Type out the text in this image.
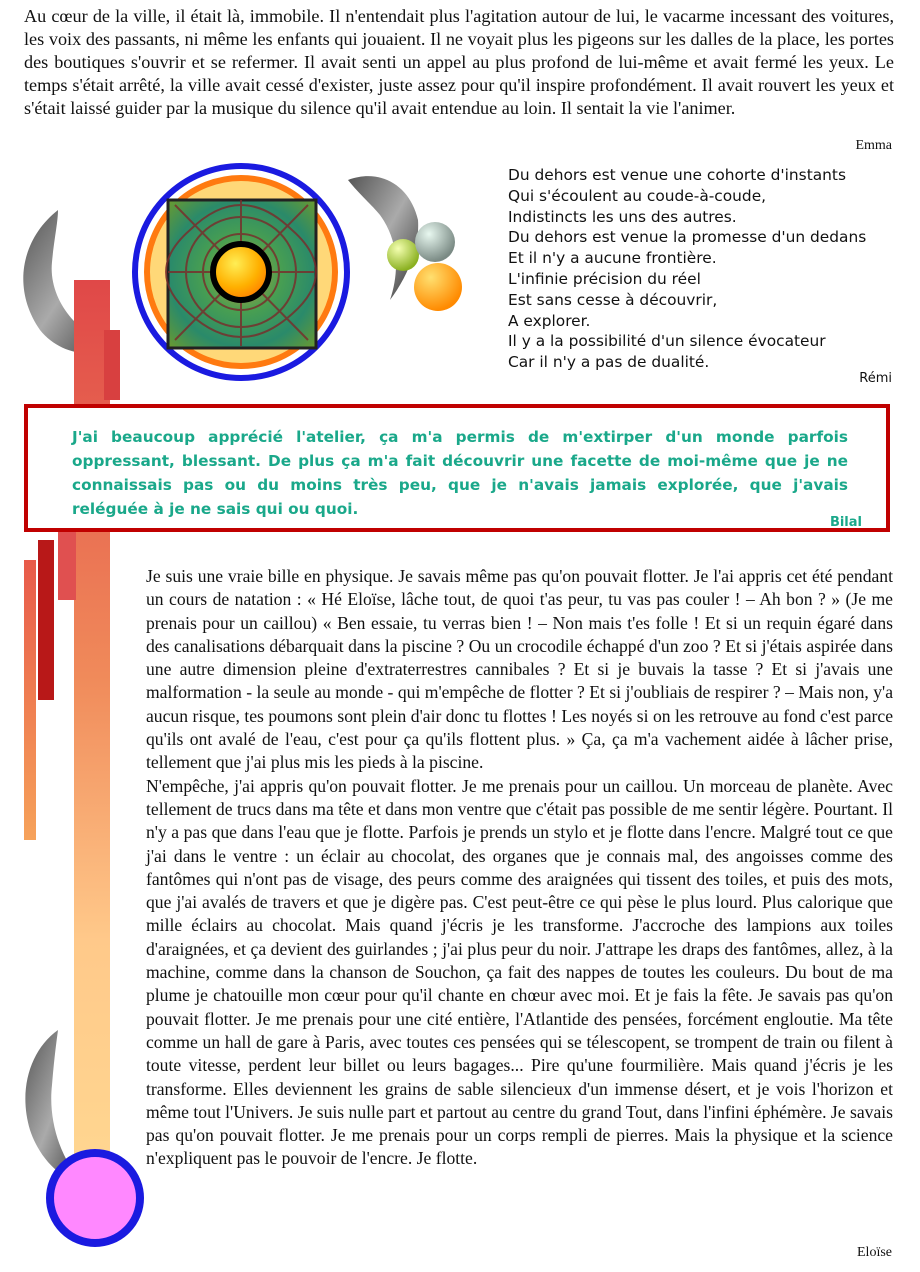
Au cœur de la ville, il était là, immobile. Il n'entendait plus l'agitation autour de lui, le vacarme incessant des voitures, les voix des passants, ni même les enfants qui jouaient. Il ne voyait plus les pigeons sur les dalles de la place, les portes des boutiques s'ouvrir et se refermer. Il avait senti un appel au plus profond de lui-même et avait fermé les yeux. Le temps s'était arrêté, la ville avait cessé d'exister, juste assez pour qu'il inspire profondément. Il avait rouvert les yeux et s'était laissé guider par la musique du silence qu'il avait entendue au loin. Il sentait la vie l'animer.

Emma
Du dehors est venue une cohorte d'instants
Qui s'écoulent au coude-à-coude,
Indistincts les uns des autres.
Du dehors est venue la promesse d'un dedans
Et il n'y a aucune frontière.
L'infinie précision du réel
Est sans cesse à découvrir,
A explorer.
Il y a la possibilité d'un silence évocateur
Car il n'y a pas de dualité.
Rémi

J'ai beaucoup apprécié l'atelier, ça m'a permis de m'extirper d'un monde parfois oppressant, blessant. De plus ça m'a fait découvrir une facette de moi-même que je ne connaissais pas ou du moins très peu, que je n'avais jamais explorée, que j'avais reléguée à je ne sais qui ou quoi.

Bilal

Je suis une vraie bille en physique. Je savais même pas qu'on pouvait flotter. Je l'ai appris cet été pendant un cours de natation : « Hé Eloïse, lâche tout, de quoi t'as peur, tu vas pas couler ! – Ah bon ? » (Je me prenais pour un caillou) « Ben essaie, tu verras bien ! – Non mais t'es folle ! Et si un requin égaré dans des canalisations débarquait dans la piscine ? Ou un crocodile échappé d'un zoo ? Et si j'étais aspirée dans une autre dimension pleine d'extraterrestres cannibales ? Et si je buvais la tasse ? Et si j'avais une malformation - la seule au monde - qui m'empêche de flotter ? Et si j'oubliais de respirer ? – Mais non, y'a aucun risque, tes poumons sont plein d'air donc tu flottes ! Les noyés si on les retrouve au fond c'est parce qu'ils ont avalé de l'eau, c'est pour ça qu'ils flottent plus. » Ça, ça m'a vachement aidée à lâcher prise, tellement que j'ai plus mis les pieds à la piscine.

N'empêche, j'ai appris qu'on pouvait flotter. Je me prenais pour un caillou. Un morceau de planète. Avec tellement de trucs dans ma tête et dans mon ventre que c'était pas possible de me sentir légère. Pourtant. Il n'y a pas que dans l'eau que je flotte. Parfois je prends un stylo et je flotte dans l'encre. Malgré tout ce que j'ai dans le ventre : un éclair au chocolat, des organes que je connais mal, des angoisses comme des fantômes qui n'ont pas de visage, des peurs comme des araignées qui tissent des toiles, et puis des mots, que j'ai avalés de travers et que je digère pas. C'est peut-être ce qui pèse le plus lourd. Plus calorique que mille éclairs au chocolat. Mais quand j'écris je les transforme. J'accroche des lampions aux toiles d'araignées, et ça devient des guirlandes ; j'ai plus peur du noir. J'attrape les draps des fantômes, allez, à la machine, comme dans la chanson de Souchon, ça fait des nappes de toutes les couleurs. Du bout de ma plume je chatouille mon cœur pour qu'il chante en chœur avec moi. Et je fais la fête. Je savais pas qu'on pouvait flotter. Je me prenais pour une cité entière, l'Atlantide des pensées, forcément engloutie. Ma tête comme un hall de gare à Paris, avec toutes ces pensées qui se télescopent, se trompent de train ou filent à toute vitesse, perdent leur billet ou leurs bagages... Pire qu'une fourmilière. Mais quand j'écris je les transforme. Elles deviennent les grains de sable silencieux d'un immense désert, et je vois l'horizon et même tout l'Univers. Je suis nulle part et partout au centre du grand Tout, dans l'infini éphémère. Je savais pas qu'on pouvait flotter. Je me prenais pour un corps rempli de pierres. Mais la physique et la science n'expliquent pas le pouvoir de l'encre. Je flotte.

Eloïse
